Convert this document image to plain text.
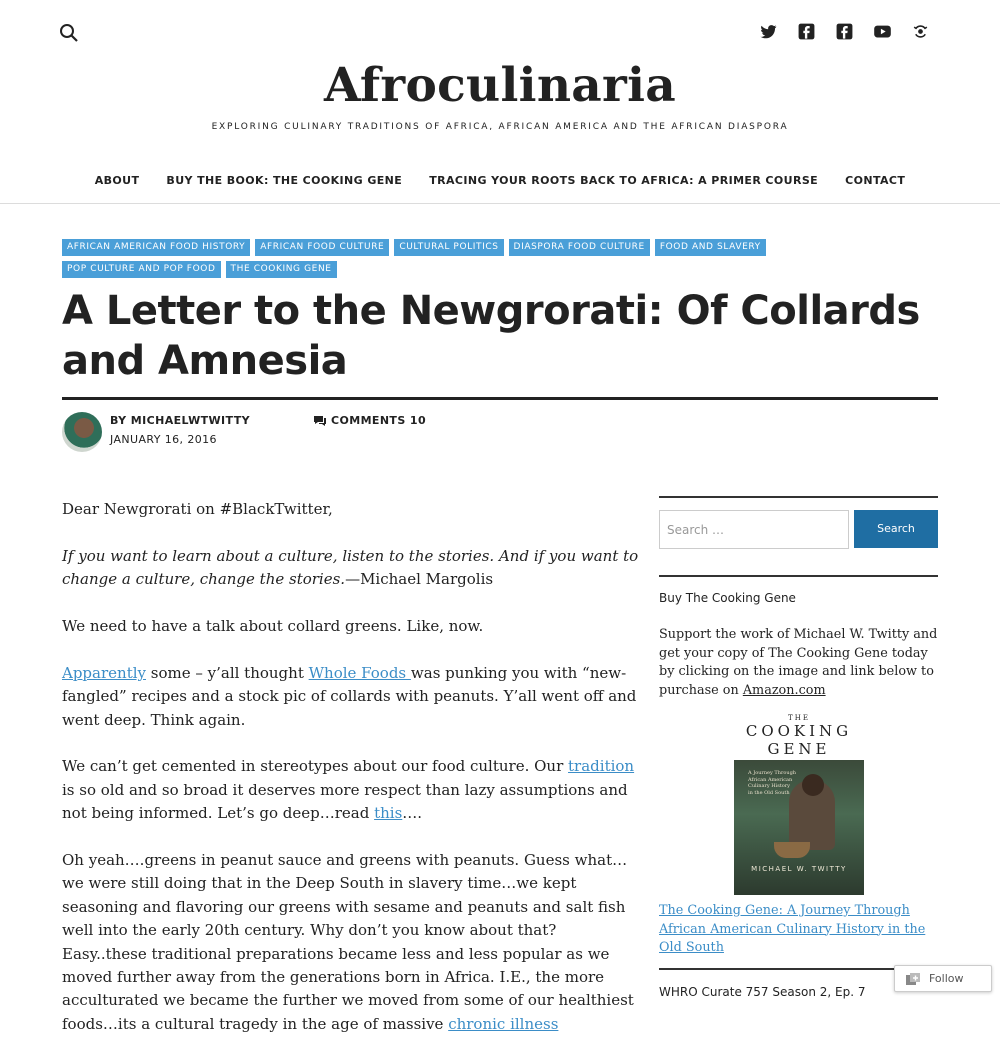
Afroculinaria
EXPLORING CULINARY TRADITIONS OF AFRICA, AFRICAN AMERICA AND THE AFRICAN DIASPORA
ABOUT BUY THE BOOK: THE COOKING GENE TRACING YOUR ROOTS BACK TO AFRICA: A PRIMER COURSE CONTACT
AFRICAN AMERICAN FOOD HISTORY	AFRICAN FOOD CULTURE	CULTURAL POLITICS	DIASPORA FOOD CULTURE	FOOD AND SLAVERY
POP CULTURE AND POP FOOD	THE COOKING GENE
A Letter to the Newgrorati: Of Collards and Amnesia
BY MICHAELWTWITTY
JANUARY 16, 2016
COMMENTS 10

Dear Newgrorati on #BlackTwitter,

If you want to learn about a culture, listen to the stories. And if you want to change a culture, change the stories.—Michael Margolis

We need to have a talk about collard greens. Like, now.

Apparently some – y’all thought Whole Foods was punking you with “new-fangled” recipes and a stock pic of collards with peanuts. Y’all went off and went deep. Think again.

We can’t get cemented in stereotypes about our food culture. Our tradition is so old and so broad it deserves more respect than lazy assumptions and not being informed. Let’s go deep…read this….

Oh yeah….greens in peanut sauce and greens with peanuts. Guess what…we were still doing that in the Deep South in slavery time…we kept seasoning and flavoring our greens with sesame and peanuts and salt fish well into the early 20th century. Why don’t you know about that? Easy..these traditional preparations became less and less popular as we moved further away from the generations born in Africa. I.E., the more acculturated we became the further we moved from some of our healthiest foods…its a cultural tragedy in the age of massive chronic illness

Search …	Search
Buy The Cooking Gene
Support the work of Michael W. Twitty and get your copy of The Cooking Gene today by clicking on the image and link below to purchase on Amazon.com
THE
COOKING
GENE
A Journey Through African American Culinary History in the Old South
MICHAEL W. TWITTY
The Cooking Gene: A Journey Through African American Culinary History in the Old South
WHRO Curate 757 Season 2, Ep. 7
Follow
